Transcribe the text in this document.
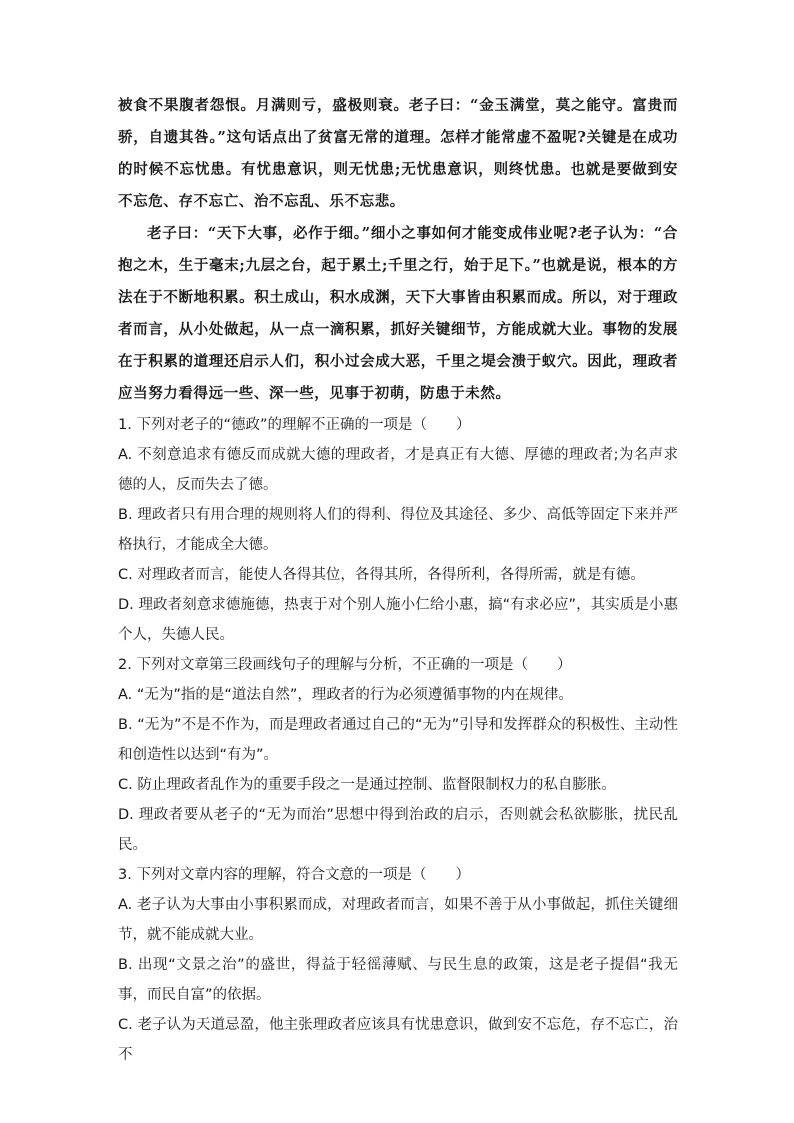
被食不果腹者怨恨。月满则亏，盛极则衰。老子曰：“金玉满堂，莫之能守。富贵而骄，自遗其咎。”这句话点出了贫富无常的道理。怎样才能常虚不盈呢?关键是在成功的时候不忘忧患。有忧患意识，则无忧患;无忧患意识，则终忧患。也就是要做到安不忘危、存不忘亡、治不忘乱、乐不忘悲。

老子曰：“天下大事，必作于细。”细小之事如何才能变成伟业呢?老子认为：“合抱之木，生于毫末;九层之台，起于累土;千里之行，始于足下。”也就是说，根本的方法在于不断地积累。积土成山，积水成渊，天下大事皆由积累而成。所以，对于理政者而言，从小处做起，从一点一滴积累，抓好关键细节，方能成就大业。事物的发展在于积累的道理还启示人们，积小过会成大恶，千里之堤会溃于蚁穴。因此，理政者应当努力看得远一些、深一些，见事于初萌，防患于未然。

1. 下列对老子的“德政”的理解不正确的一项是（　　）

A. 不刻意追求有德反而成就大德的理政者，才是真正有大德、厚德的理政者;为名声求德的人，反而失去了德。

B. 理政者只有用合理的规则将人们的得利、得位及其途径、多少、高低等固定下来并严格执行，才能成全大德。

C. 对理政者而言，能使人各得其位，各得其所，各得所利，各得所需，就是有德。

D. 理政者刻意求德施德，热衷于对个别人施小仁给小惠，搞“有求必应”，其实质是小惠个人，失德人民。

2. 下列对文章第三段画线句子的理解与分析，不正确的一项是（　　）

A. “无为”指的是“道法自然”，理政者的行为必须遵循事物的内在规律。

B. “无为”不是不作为，而是理政者通过自己的“无为”引导和发挥群众的积极性、主动性和创造性以达到“有为”。

C. 防止理政者乱作为的重要手段之一是通过控制、监督限制权力的私自膨胀。

D. 理政者要从老子的“无为而治”思想中得到治政的启示，否则就会私欲膨胀，扰民乱民。

3. 下列对文章内容的理解，符合文意的一项是（　　）

A. 老子认为大事由小事积累而成，对理政者而言，如果不善于从小事做起，抓住关键细节，就不能成就大业。

B. 出现“文景之治”的盛世，得益于轻徭薄赋、与民生息的政策，这是老子提倡“我无事，而民自富”的依据。

C. 老子认为天道忌盈，他主张理政者应该具有忧患意识，做到安不忘危，存不忘亡，治不
